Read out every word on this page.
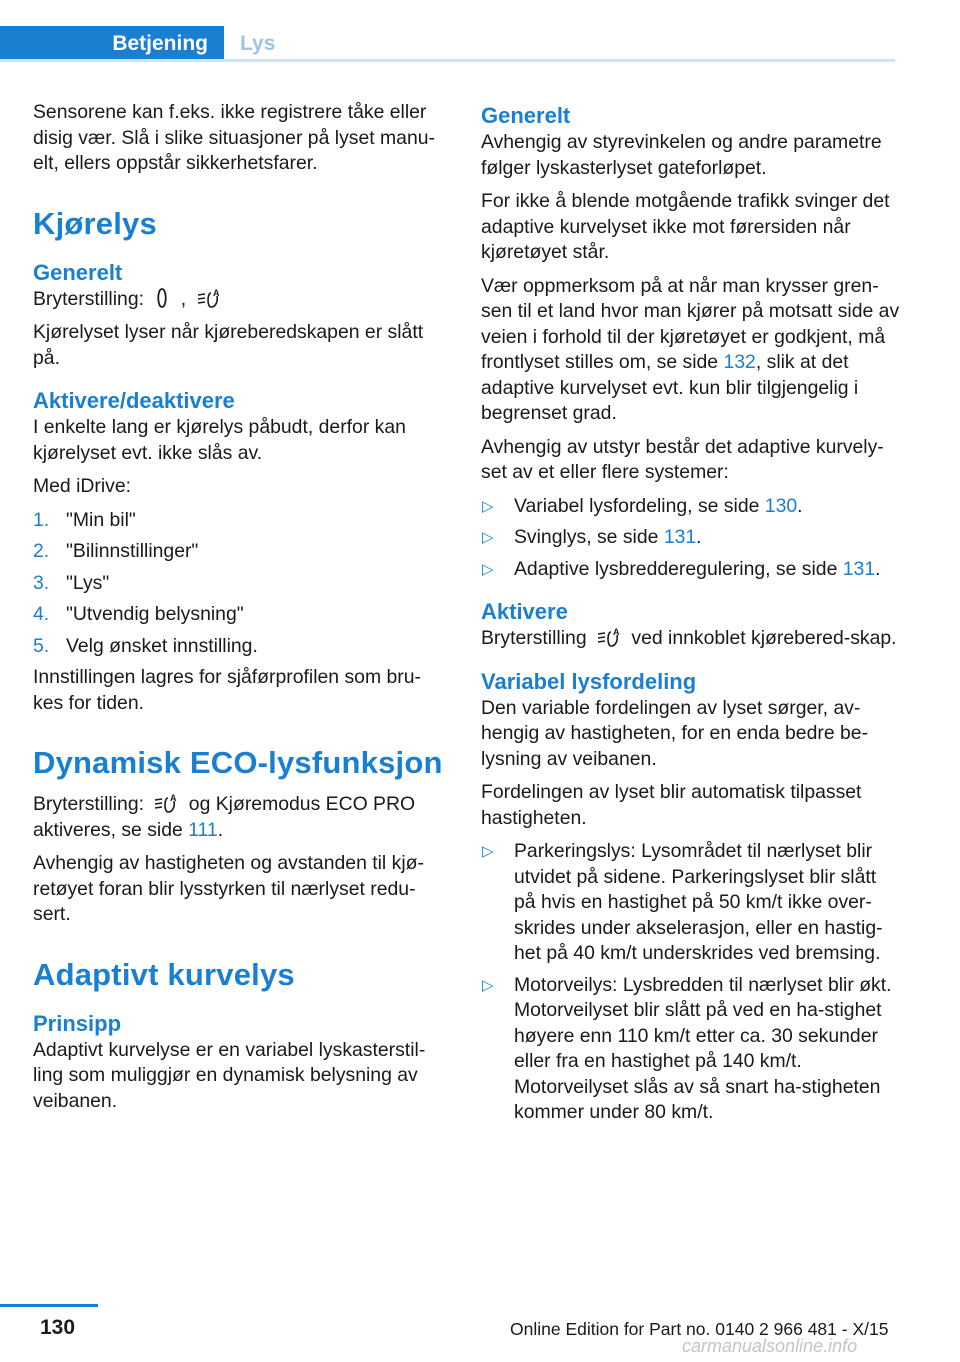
Betjening	Lys

Sensorene kan f.eks. ikke registrere tåke eller disig vær. Slå i slike situasjoner på lyset manu-elt, ellers oppstår sikkerhetsfarer.

Kjørelys
Generelt

Bryterstilling: ,	A

Kjørelyset lyser når kjøreberedskapen er slått på.

Aktivere/deaktivere

I enkelte lang er kjørelys påbudt, derfor kan kjørelyset evt. ikke slås av.

Med iDrive:

1. "Min bil"
2. "Bilinnstillinger"
3. "Lys"
4. "Utvendig belysning"
5. Velg ønsket innstilling.

Innstillingen lagres for sjåførprofilen som bru-kes for tiden.

Dynamisk ECO-lysfunksjon

Bryterstilling:	A og Kjøremodus ECO PRO aktiveres, se side 111.

Avhengig av hastigheten og avstanden til kjø-retøyet foran blir lysstyrken til nærlyset redu-sert.

Adaptivt kurvelys
Prinsipp

Adaptivt kurvelyse er en variabel lyskasterstil-ling som muliggjør en dynamisk belysning av veibanen.

Generelt

Avhengig av styrevinkelen og andre parametre følger lyskasterlyset gateforløpet.

For ikke å blende motgående trafikk svinger det adaptive kurvelyset ikke mot førersiden når kjøretøyet står.

Vær oppmerksom på at når man krysser gren-sen til et land hvor man kjører på motsatt side av veien i forhold til der kjøretøyet er godkjent, må frontlyset stilles om, se side 132, slik at det adaptive kurvelyset evt. kun blir tilgjengelig i begrenset grad.

Avhengig av utstyr består det adaptive kurvely-set av et eller flere systemer:

▷ Variabel lysfordeling, se side 130.
▷ Svinglys, se side 131.
▷ Adaptive lysbredderegulering, se side 131.
Aktivere

Bryterstilling	A ved innkoblet kjørebered-skap.

Variabel lysfordeling

Den variable fordelingen av lyset sørger, av-hengig av hastigheten, for en enda bedre be-lysning av veibanen.

Fordelingen av lyset blir automatisk tilpasset hastigheten.

▷ Parkeringslys: Lysområdet til nærlyset blir utvidet på sidene. Parkeringslyset blir slått på hvis en hastighet på 50 km/t ikke over-skrides under akselerasjon, eller en hastig-het på 40 km/t underskrides ved bremsing.
▷ Motorveilys: Lysbredden til nærlyset blir økt. Motorveilyset blir slått på ved en ha-stighet høyere enn 110 km/t etter ca. 30 sekunder eller fra en hastighet på 140 km/t. Motorveilyset slås av så snart ha-stigheten kommer under 80 km/t.
130	Online Edition for Part no. 0140 2 966 481 - X/15
carmanualsonline.info
